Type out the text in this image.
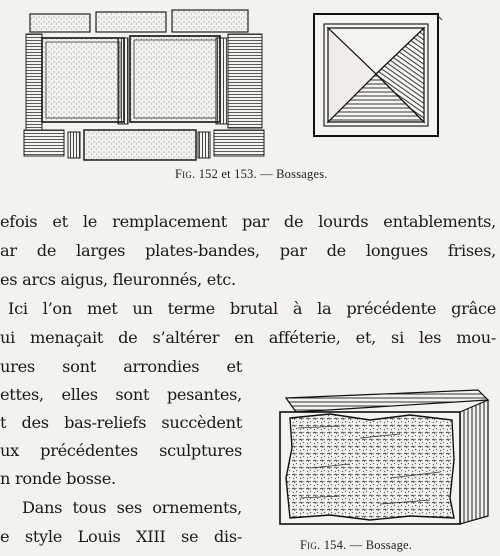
Fig. 152 et 153. — Bossages.
efois et le remplacement par de lourds entablements,
ar de larges plates-bandes, par de longues frises,
es arcs aigus, fleuronnés, etc.
Ici l’on met un terme brutal à la précédente grâce
ui menaçait de s’altérer en afféterie, et, si les mou-
ures sont arrondies et
ettes, elles sont pesantes,
t des bas-reliefs succèdent
ux précédentes sculptures
n ronde bosse.
Dans tous ses ornements,
e style Louis XIII se dis-	Fig. 154. — Bossage.
